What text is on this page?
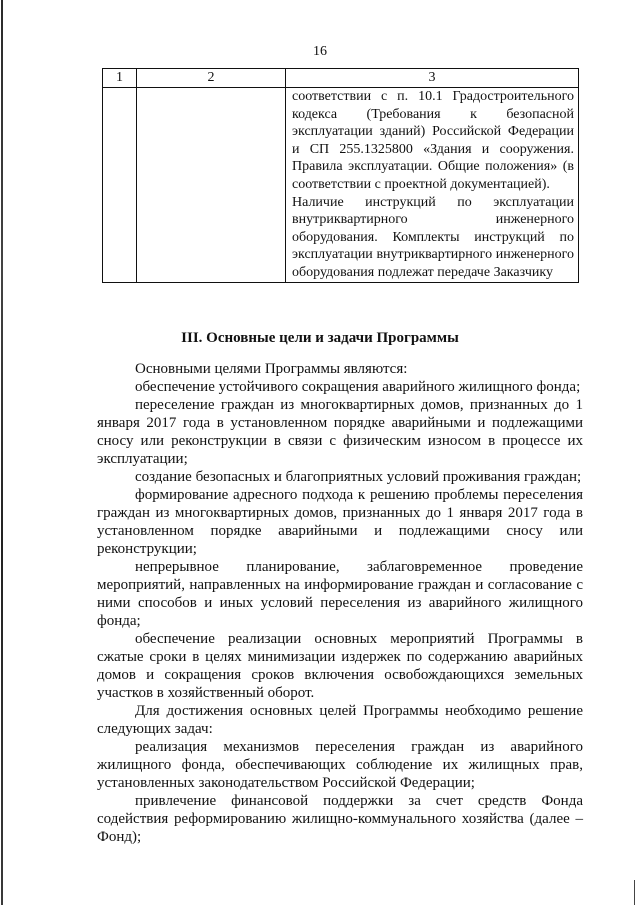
16
1	2	3

		соответствии с п. 10.1 Градостроительного кодекса (Требования к безопасной эксплуатации зданий) Российской Федерации и СП 255.1325800 «Здания и сооружения. Правила эксплуатации. Общие положения» (в соответствии с проектной документацией).

Наличие инструкций по эксплуатации внутриквартирного инженерного оборудования. Комплекты инструкций по эксплуатации внутриквартирного инженерного оборудования подлежат передаче Заказчику

III. Основные цели и задачи Программы

Основными целями Программы являются:

обеспечение устойчивого сокращения аварийного жилищного фонда;

переселение граждан из многоквартирных домов, признанных до 1 января 2017 года в установленном порядке аварийными и подлежащими сносу или реконструкции в связи с физическим износом в процессе их эксплуатации;

создание безопасных и благоприятных условий проживания граждан;

формирование адресного подхода к решению проблемы переселения граждан из многоквартирных домов, признанных до 1 января 2017 года в установленном порядке аварийными и подлежащими сносу или реконструкции;

непрерывное планирование, заблаговременное проведение мероприятий, направленных на информирование граждан и согласование с ними способов и иных условий переселения из аварийного жилищного фонда;

обеспечение реализации основных мероприятий Программы в сжатые сроки в целях минимизации издержек по содержанию аварийных домов и сокращения сроков включения освобождающихся земельных участков в хозяйственный оборот.

Для достижения основных целей Программы необходимо решение следующих задач:

реализация механизмов переселения граждан из аварийного жилищного фонда, обеспечивающих соблюдение их жилищных прав, установленных законодательством Российской Федерации;

привлечение финансовой поддержки за счет средств Фонда содействия реформированию жилищно-коммунального хозяйства (далее – Фонд);
